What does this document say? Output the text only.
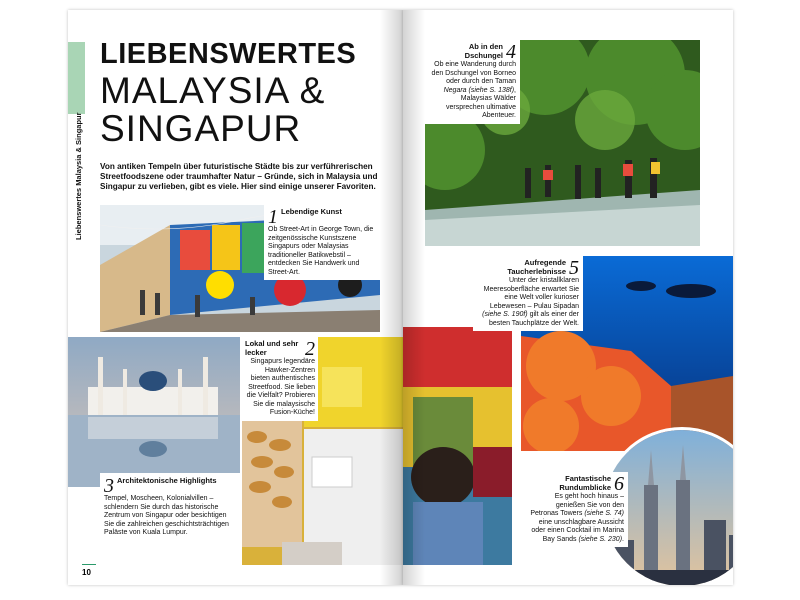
Liebenswertes Malaysia & Singapur
LIEBENSWERTES
MALAYSIA &
SINGAPUR
Von antiken Tempeln über futuristische Städte bis zur verführerischen Streetfoodszene oder traumhafter Natur – Gründe, sich in Malaysia und Singapur zu verlieben, gibt es viele. Hier sind einige unserer Favoriten.
1 Lebendige Kunst
Ob Street-Art in George Town, die zeitgenössische Kunstszene Singapurs oder Malaysias traditioneller Batikwebstil – entdecken Sie Handwerk und Street-Art.
3 Architektonische Highlights
Tempel, Moscheen, Kolonialvillen – schlendern Sie durch das historische Zentrum von Singapur oder besichtigen Sie die zahlreichen geschichtsträchtigen Paläste von Kuala Lumpur.
2
Lokal und sehr lecker
Singapurs legendäre Hawker-Zentren bieten authentisches Streetfood. Sie lieben die Vielfalt? Probieren Sie die malaysische Fusion-Küche!
10
4
Ab in den Dschungel
Ob eine Wanderung durch den Dschungel von Borneo oder durch den Taman Negara (siehe S. 138f), Malaysias Wälder versprechen ultimative Abenteuer.
5
Aufregende Taucherlebnisse
Unter der kristallklaren Meeresoberfläche erwartet Sie eine Welt voller kurioser Lebewesen – Pulau Sipadan (siehe S. 190f) gilt als einer der besten Tauchplätze der Welt.
6
Fantastische Rundumblicke
Es geht hoch hinaus – genießen Sie von den Petronas Towers (siehe S. 74) eine unschlagbare Aussicht oder einen Cocktail im Marina Bay Sands (siehe S. 230).
